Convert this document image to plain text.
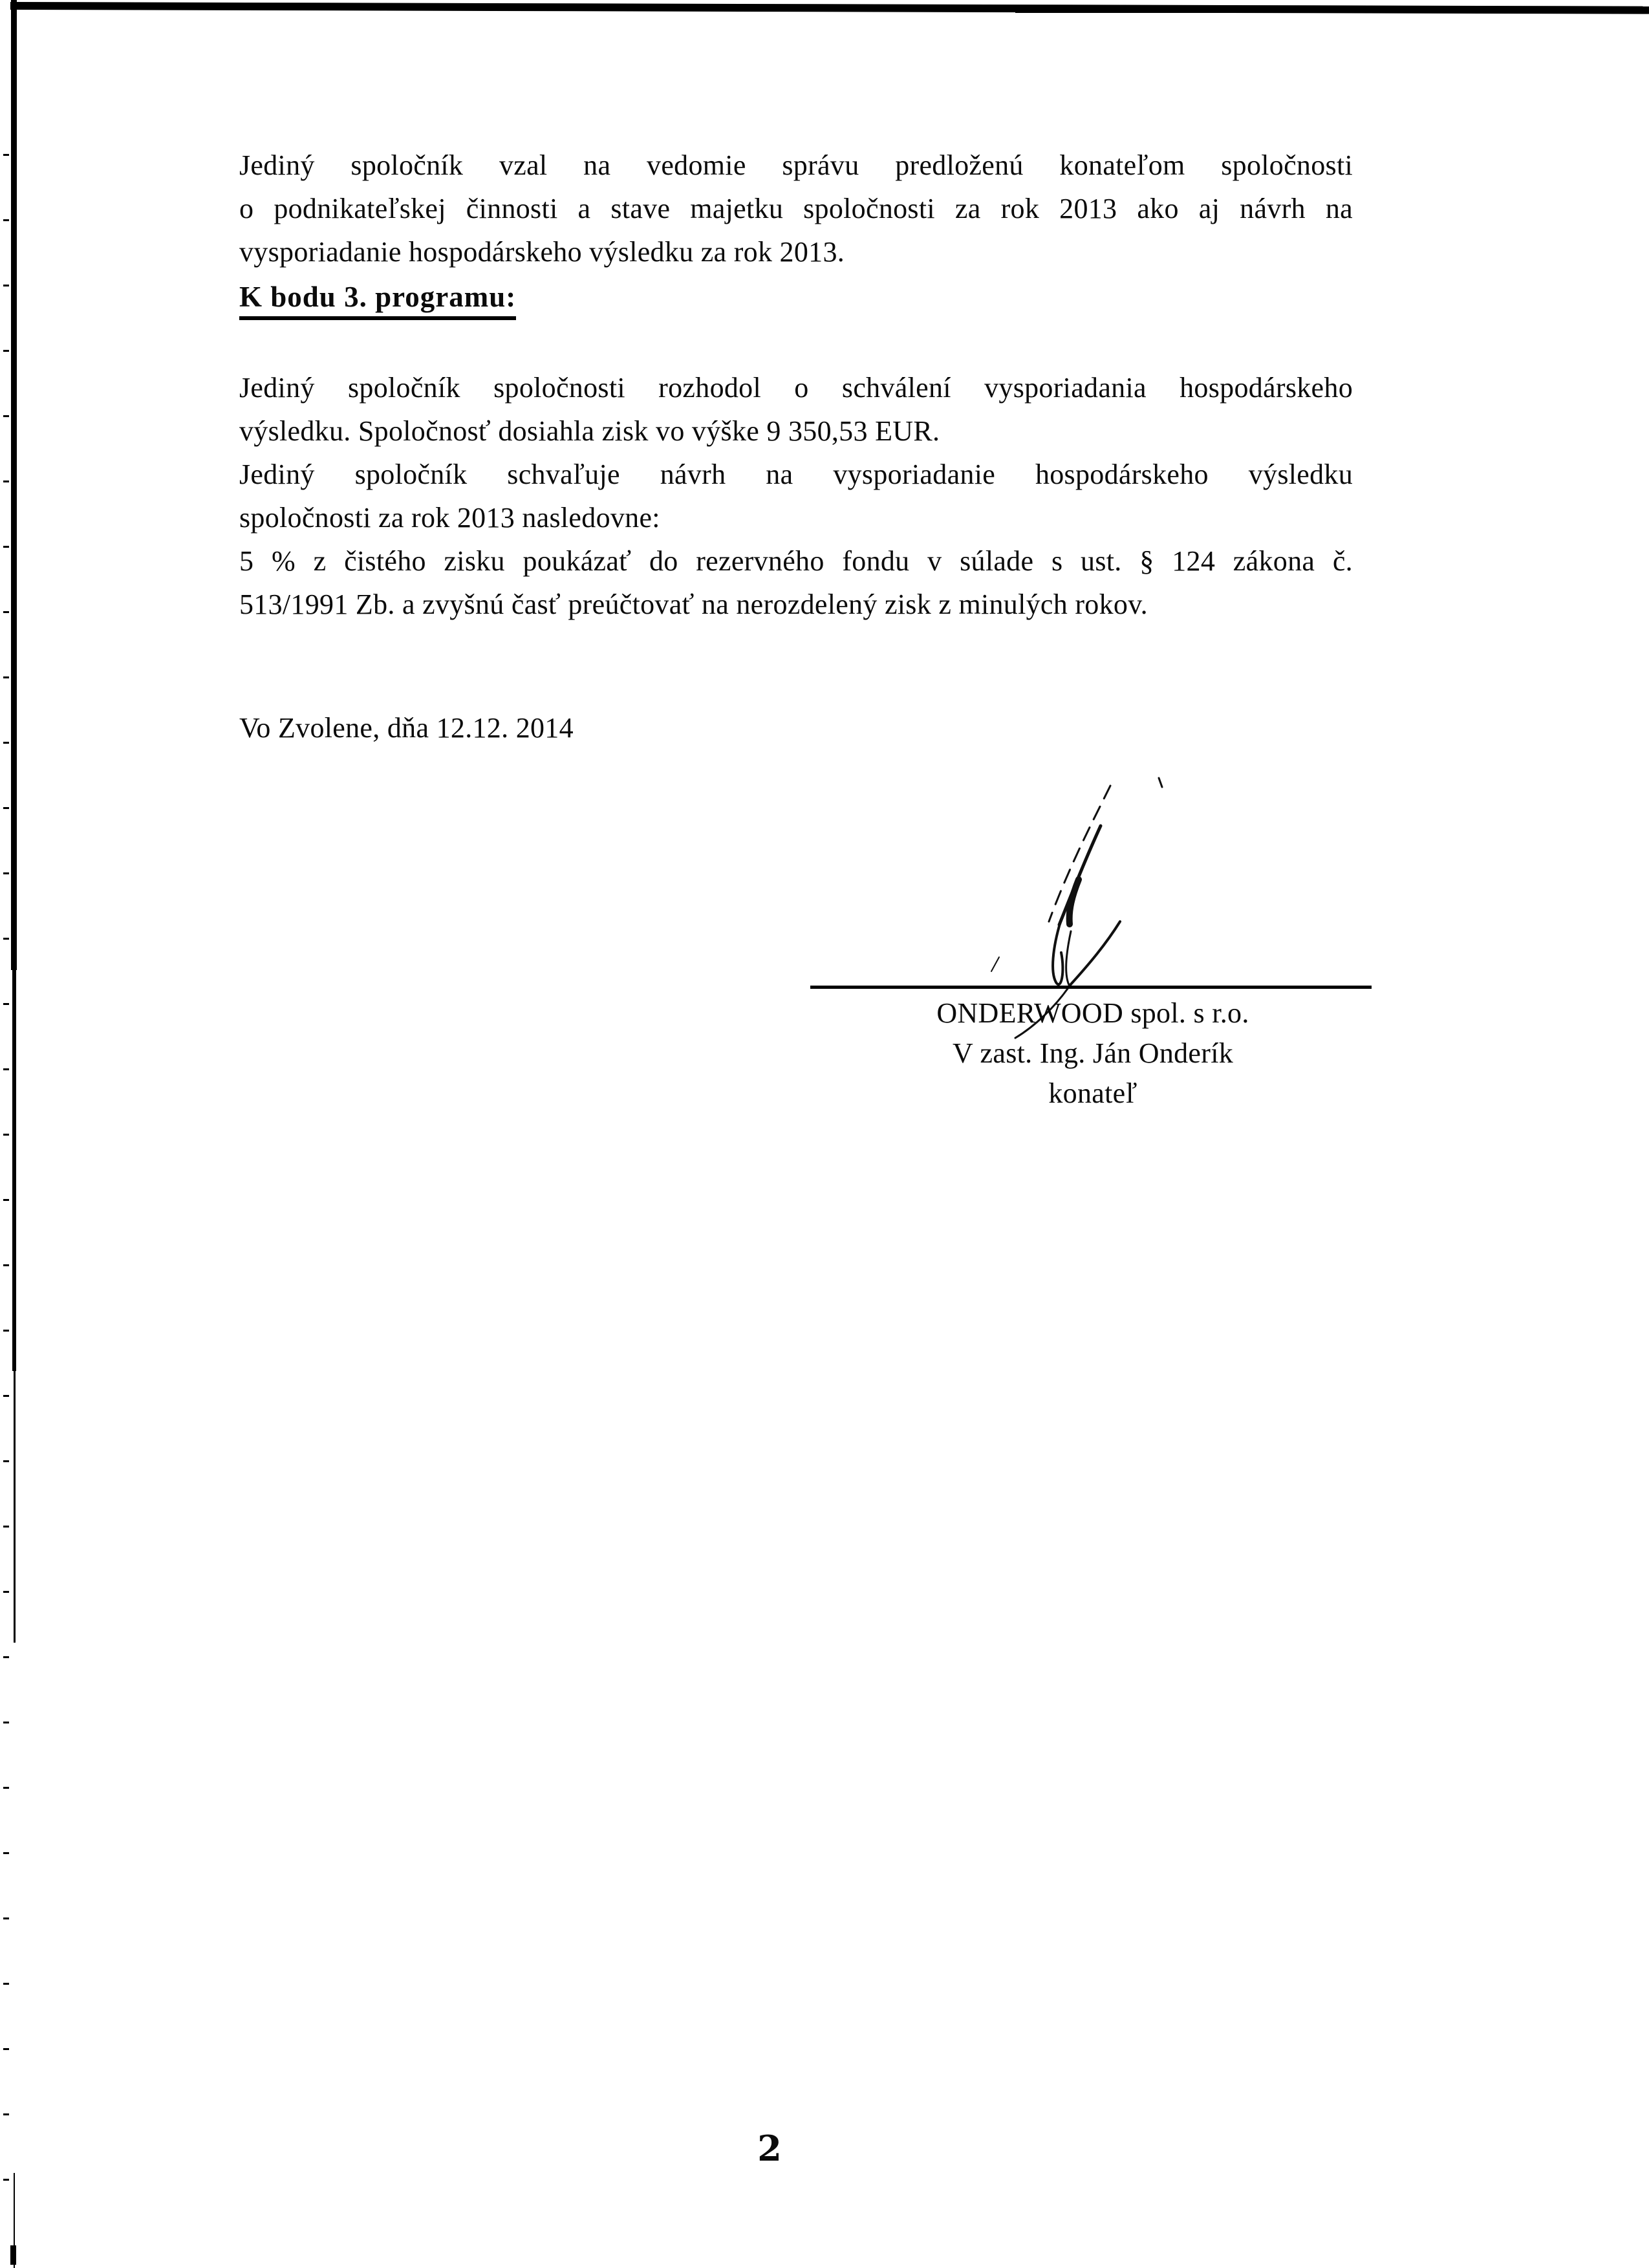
Jediný spoločník vzal na vedomie správu predloženú konateľom spoločnosti
o podnikateľskej činnosti a stave majetku spoločnosti za rok 2013 ako aj návrh na
vysporiadanie hospodárskeho výsledku za rok 2013.
K bodu 3. programu:
Jediný spoločník spoločnosti rozhodol o schválení vysporiadania hospodárskeho
výsledku. Spoločnosť dosiahla zisk vo výške 9 350,53 EUR.
Jediný spoločník schvaľuje návrh na vysporiadanie hospodárskeho výsledku
spoločnosti za rok 2013 nasledovne:
5 % z čistého zisku poukázať do rezervného fondu v súlade s ust. § 124 zákona č.
513/1991 Zb. a zvyšnú časť preúčtovať na nerozdelený zisk z minulých rokov.
Vo Zvolene, dňa 12.12. 2014
ONDERWOOD spol. s r.o.
V zast. Ing. Ján Onderík
konateľ
2
